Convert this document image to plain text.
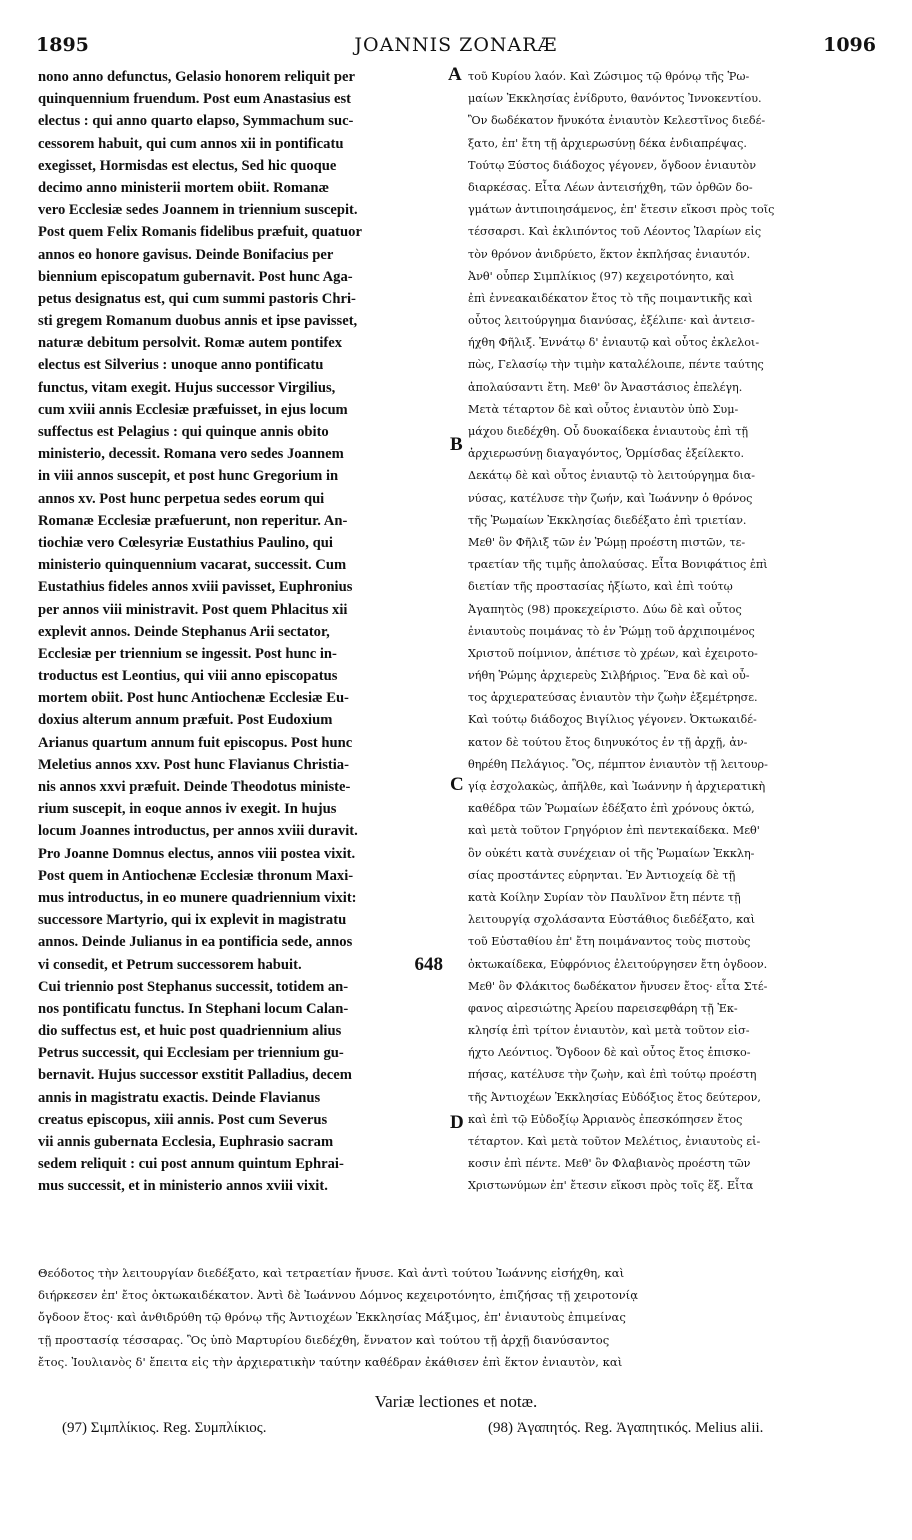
1895	JOANNIS ZONARÆ	1096
nono anno defunctus, Gelasio honorem reliquit per
quinquennium fruendum. Post eum Anastasius est
electus : qui anno quarto elapso, Symmachum suc-
cessorem habuit, qui cum annos xii in pontificatu
exegisset, Hormisdas est electus, Sed hic quoque
decimo anno ministerii mortem obiit. Romanæ
vero Ecclesiæ sedes Joannem in triennium suscepit.
Post quem Felix Romanis fidelibus præfuit, quatuor
annos eo honore gavisus. Deinde Bonifacius per
biennium episcopatum gubernavit. Post hunc Aga-
petus designatus est, qui cum summi pastoris Chri-
sti gregem Romanum duobus annis et ipse pavisset,
naturæ debitum persolvit. Romæ autem pontifex
electus est Silverius : unoque anno pontificatu
functus, vitam exegit. Hujus successor Virgilius,
cum xviii annis Ecclesiæ præfuisset, in ejus locum
suffectus est Pelagius : qui quinque annis obito
ministerio, decessit. Romana vero sedes Joannem
in viii annos suscepit, et post hunc Gregorium in
annos xv. Post hunc perpetua sedes eorum qui
Romanæ Ecclesiæ præfuerunt, non reperitur. An-
tiochiæ vero Cœlesyriæ Eustathius Paulino, qui
ministerio quinquennium vacarat, successit. Cum
Eustathius fideles annos xviii pavisset, Euphronius
per annos viii ministravit. Post quem Phlacitus xii
explevit annos. Deinde Stephanus Arii sectator,
Ecclesiæ per triennium se ingessit. Post hunc in-
troductus est Leontius, qui viii anno episcopatus
mortem obiit. Post hunc Antiochenæ Ecclesiæ Eu-
doxius alterum annum præfuit. Post Eudoxium
Arianus quartum annum fuit episcopus. Post hunc
Meletius annos xxv. Post hunc Flavianus Christia-
nis annos xxvi præfuit. Deinde Theodotus ministe-
rium suscepit, in eoque annos iv exegit. In hujus
locum Joannes introductus, per annos xviii duravit.
Pro Joanne Domnus electus, annos viii postea vixit.
Post quem in Antiochenæ Ecclesiæ thronum Maxi-
mus introductus, in eo munere quadriennium vixit:
successore Martyrio, qui ix explevit in magistratu
annos. Deinde Julianus in ea pontificia sede, annos
vi consedit, et Petrum successorem habuit.	648
Cui triennio post Stephanus successit, totidem an-
nos pontificatu functus. In Stephani locum Calan-
dio suffectus est, et huic post quadriennium alius
Petrus successit, qui Ecclesiam per triennium gu-
bernavit. Hujus successor exstitit Palladius, decem
annis in magistratu exactis. Deinde Flavianus
creatus episcopus, xiii annis. Post cum Severus
vii annis gubernata Ecclesia, Euphrasio sacram
sedem reliquit : cui post annum quintum Ephrai-
mus successit, et in ministerio annos xviii vixit.
τοῦ Κυρίου λαόν. Καὶ Ζώσιμος τῷ θρόνῳ τῆς Ῥω-
μαίων Ἐκκλησίας ἐνίδρυτο, θανόντος Ἰννοκεντίου.
Ὃν δωδέκατον ἤνυκότα ἐνιαυτὸν Κελεστῖνος διεδέ-
ξατο, ἐπ' ἔτη τῇ ἀρχιερωσύνῃ δέκα ἐνδιαπρέψας.
Τούτῳ Ξύστος διάδοχος γέγονεν, ὄγδοον ἐνιαυτὸν
διαρκέσας. Εἶτα Λέων ἀντεισήχθη, τῶν ὀρθῶν δο-
γμάτων ἀντιποιησάμενος, ἐπ' ἔτεσιν εἴκοσι πρὸς τοῖς
τέσσαρσι. Καὶ ἐκλιπόντος τοῦ Λέοντος Ἱλαρίων εἰς
τὸν θρόνον ἀνιδρύετο, ἕκτον ἐκπλήσας ἐνιαυτόν.
Ἀνθ' οὗπερ Σιμπλίκιος (97) κεχειροτόνητο, καὶ
ἐπὶ ἐννεακαιδέκατον ἔτος τὸ τῆς ποιμαντικῆς καὶ
οὗτος λειτούργημα διανύσας, ἐξέλιπε· καὶ ἀντεισ-
ήχθη Φῆλιξ. Ἐννάτῳ δ' ἐνιαυτῷ καὶ οὗτος ἐκλελοι-
πὼς, Γελασίῳ τὴν τιμὴν καταλέλοιπε, πέντε ταύτης
ἀπολαύσαντι ἔτη. Μεθ' ὃν Ἀναστάσιος ἐπελέγη.
Μετὰ τέταρτον δὲ καὶ οὗτος ἐνιαυτὸν ὑπὸ Συμ-
μάχου διεδέχθη. Οὗ δυοκαίδεκα ἐνιαυτοὺς ἐπὶ τῇ
ἀρχιερωσύνῃ διαγαγόντος, Ὁρμίσδας ἐξείλεκτο.
Δεκάτῳ δὲ καὶ οὗτος ἐνιαυτῷ τὸ λειτούργημα δια-
νύσας, κατέλυσε τὴν ζωήν, καὶ Ἰωάννην ὁ θρόνος
τῆς Ῥωμαίων Ἐκκλησίας διεδέξατο ἐπὶ τριετίαν.
Μεθ' ὃν Φῆλιξ τῶν ἐν Ῥώμῃ προέστη πιστῶν, τε-
τραετίαν τῆς τιμῆς ἀπολαύσας. Εἶτα Βονιφάτιος ἐπὶ
διετίαν τῆς προστασίας ἠξίωτο, καὶ ἐπὶ τούτῳ
Ἀγαπητὸς (98) προκεχείριστο. Δύω δὲ καὶ οὗτος
ἐνιαυτοὺς ποιμάνας τὸ ἐν Ῥώμῃ τοῦ ἀρχιποιμένος
Χριστοῦ ποίμνιον, ἀπέτισε τὸ χρέων, καὶ ἐχειροτο-
νήθη Ῥώμης ἀρχιερεὺς Σιλβήριος. Ἕνα δὲ καὶ οὗ-
τος ἀρχιερατεύσας ἐνιαυτὸν τὴν ζωὴν ἐξεμέτρησε.
Καὶ τούτῳ διάδοχος Βιγίλιος γέγονεν. Ὀκτωκαιδέ-
κατον δὲ τούτου ἔτος διηνυκότος ἐν τῇ ἀρχῇ, ἀν-
θηρέθη Πελάγιος. Ὃς, πέμπτον ἐνιαυτὸν τῇ λειτουρ-
γίᾳ ἐσχολακὼς, ἀπῆλθε, καὶ Ἰωάννην ἡ ἀρχιερατικὴ
καθέδρα τῶν Ῥωμαίων ἐδέξατο ἐπὶ χρόνους ὀκτώ,
καὶ μετὰ τοῦτον Γρηγόριον ἐπὶ πεντεκαίδεκα. Μεθ'
ὃν οὐκέτι κατὰ συνέχειαν οἱ τῆς Ῥωμαίων Ἐκκλη-
σίας προστάντες εὑρηνται. Ἐν Ἀντιοχείᾳ δὲ τῇ
κατὰ Κοίλην Συρίαν τὸν Παυλῖνον ἔτη πέντε τῇ
λειτουργίᾳ σχολάσαντα Εὐστάθιος διεδέξατο, καὶ
τοῦ Εὐσταθίου ἐπ' ἔτη ποιμάναντος τοὺς πιστοὺς
ὀκτωκαίδεκα, Εὐφρόνιος ἐλειτούργησεν ἔτη ὀγδοον.
Μεθ' ὃν Φλάκιτος δωδέκατον ἤνυσεν ἔτος· εἶτα Στέ-
φανος αἱρεσιώτης Ἀρείου παρεισεφθάρη τῇ Ἐκ-
κλησίᾳ ἐπὶ τρίτον ἐνιαυτὸν, καὶ μετὰ τοῦτον εἰσ-
ήχτο Λεόντιος. Ὄγδοον δὲ καὶ οὗτος ἔτος ἐπισκο-
πήσας, κατέλυσε τὴν ζωὴν, καὶ ἐπὶ τούτῳ προέστη
τῆς Ἀντιοχέων Ἐκκλησίας Εὐδόξιος ἔτος δεύτερον,
καὶ ἐπὶ τῷ Εὐδοξίῳ Ἀρριανὸς ἐπεσκόπησεν ἔτος
τέταρτον. Καὶ μετὰ τοῦτον Μελέτιος, ἐνιαυτοὺς εἰ-
κοσιν ἐπὶ πέντε. Μεθ' ὃν Φλαβιανὸς προέστη τῶν
Χριστωνύμων ἐπ' ἔτεσιν εἴκοσι πρὸς τοῖς ἕξ. Εἶτα
A
B
C
D
Θεόδοτος τὴν λειτουργίαν διεδέξατο, καὶ τετραετίαν ἤνυσε. Καὶ ἀντὶ τούτου Ἰωάννης εἰσήχθη, καὶ
διήρκεσεν ἐπ' ἔτος ὀκτωκαιδέκατον. Ἀντὶ δὲ Ἰωάννου Δόμνος κεχειροτόνητο, ἐπιζήσας τῇ χειροτονίᾳ
ὄγδοον ἔτος· καὶ ἀνθιδρύθη τῷ θρόνῳ τῆς Ἀντιοχέων Ἐκκλησίας Μάξιμος, ἐπ' ἐνιαυτοὺς ἐπιμείνας
τῇ προστασίᾳ τέσσαρας. Ὃς ὑπὸ Μαρτυρίου διεδέχθη, ἔννατον καὶ τούτου τῇ ἀρχῇ διανύσαντος
ἔτος. Ἰουλιανὸς δ' ἔπειτα εἰς τὴν ἀρχιερατικὴν ταύτην καθέδραν ἐκάθισεν ἐπὶ ἕκτον ἐνιαυτὸν, καὶ
Variæ lectiones et notæ.
(97) Σιμπλίκιος. Reg. Συμπλίκιος.	(98) Ἀγαπητός. Reg. Ἀγαπητικός. Melius alii.
